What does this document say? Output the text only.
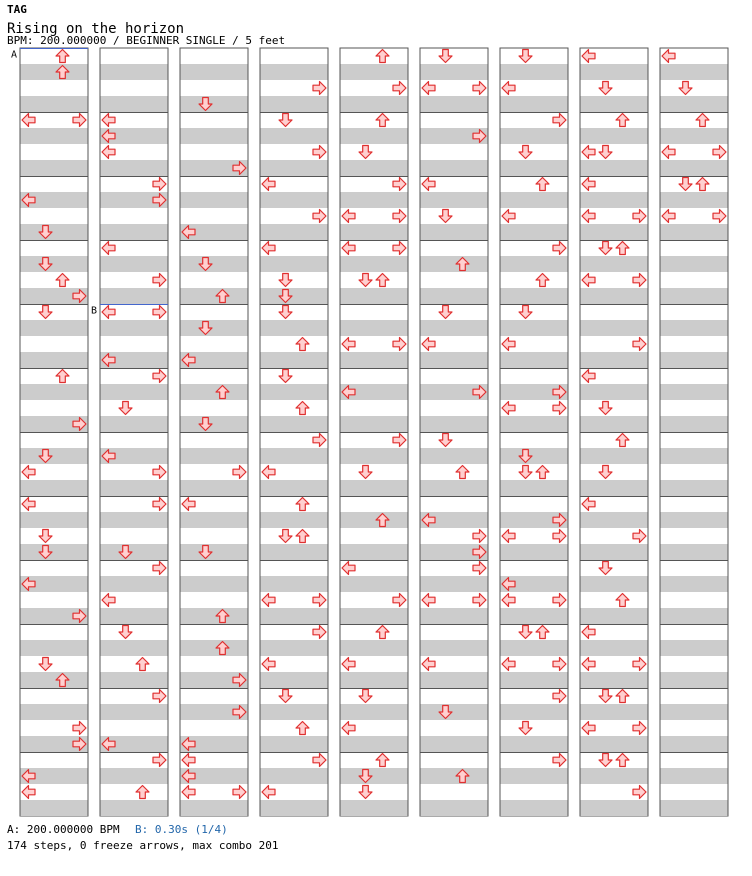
TAG
Rising on the horizon
BPM: 200.000000 / BEGINNER SINGLE / 5 feet
A
B
A: 200.000000 BPM B: 0.30s (1/4)
174 steps, 0 freeze arrows, max combo 201
